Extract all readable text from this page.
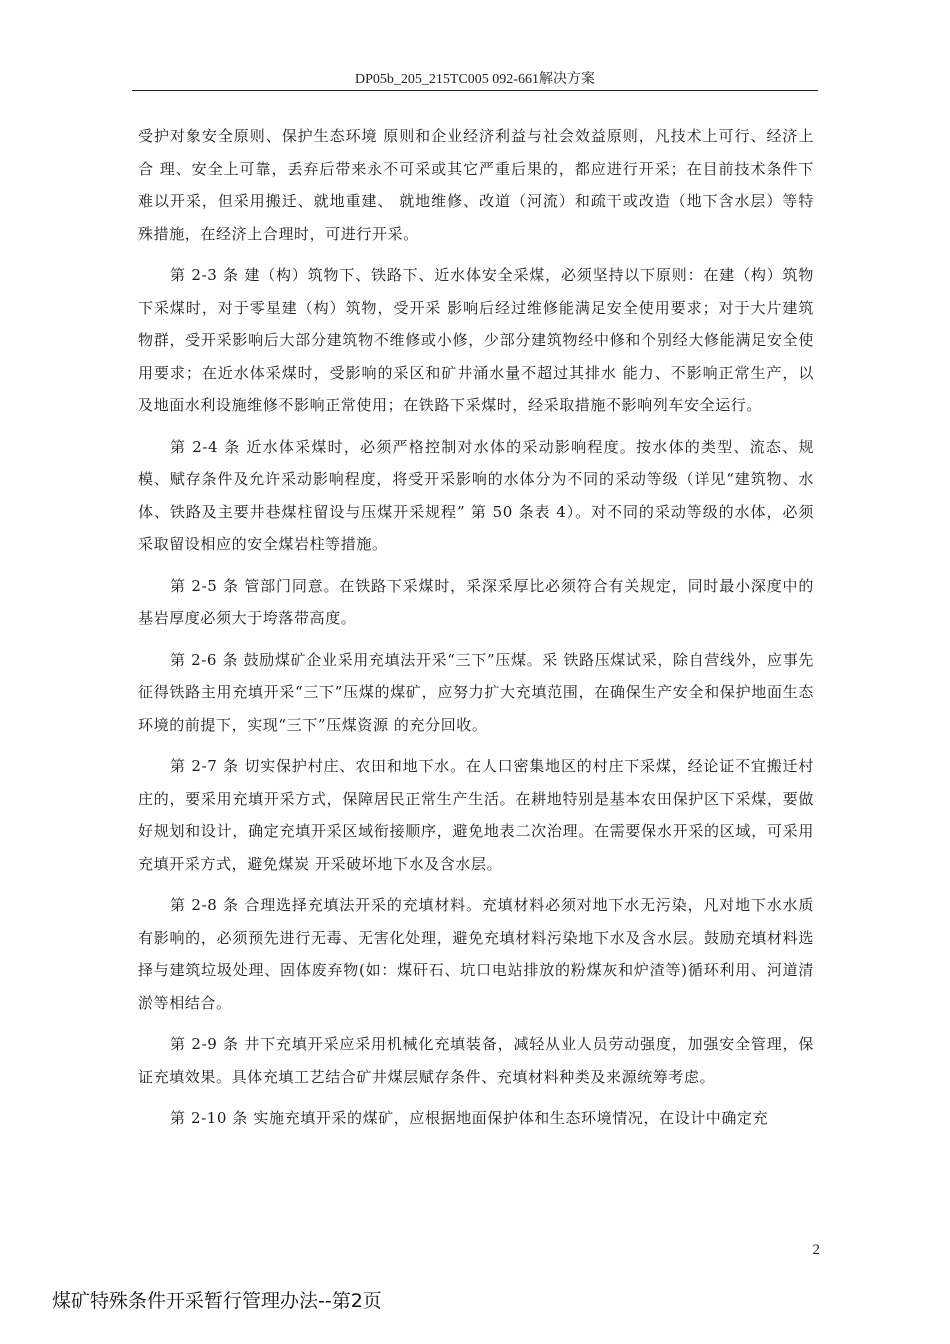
DP05b_205_215TC005 092-661解决方案

受护对象安全原则、保护生态环境 原则和企业经济利益与社会效益原则，凡技术上可行、经济上合 理、安全上可靠，丢弃后带来永不可采或其它严重后果的，都应进行开采；在目前技术条件下难以开采，但采用搬迁、就地重建、 就地维修、改道（河流）和疏干或改造（地下含水层）等特殊措施，在经济上合理时，可进行开采。

第 2-3 条 建（构）筑物下、铁路下、近水体安全采煤，必须坚持以下原则：在建（构）筑物下采煤时，对于零星建（构）筑物，受开采 影响后经过维修能满足安全使用要求；对于大片建筑物群，受开采影响后大部分建筑物不维修或小修，少部分建筑物经中修和个别经大修能满足安全使用要求；在近水体采煤时，受影响的采区和矿井涌水量不超过其排水 能力、不影响正常生产，以及地面水利设施维修不影响正常使用；在铁路下采煤时，经采取措施不影响列车安全运行。

第 2-4 条 近水体采煤时，必须严格控制对水体的采动影响程度。按水体的类型、流态、规模、赋存条件及允许采动影响程度，将受开采影响的水体分为不同的采动等级（详见“建筑物、水体、铁路及主要井巷煤柱留设与压煤开采规程” 第 50 条表 4）。对不同的采动等级的水体，必须采取留设相应的安全煤岩柱等措施。

第 2-5 条 管部门同意。在铁路下采煤时，采深采厚比必须符合有关规定，同时最小深度中的基岩厚度必须大于垮落带高度。

第 2-6 条 鼓励煤矿企业采用充填法开采“三下”压煤。采 铁路压煤试采，除自营线外，应事先征得铁路主用充填开采“三下”压煤的煤矿，应努力扩大充填范围，在确保生产安全和保护地面生态环境的前提下，实现“三下”压煤资源 的充分回收。

第 2-7 条 切实保护村庄、农田和地下水。在人口密集地区的村庄下采煤，经论证不宜搬迁村庄的，要采用充填开采方式，保障居民正常生产生活。在耕地特别是基本农田保护区下采煤，要做好规划和设计，确定充填开采区域衔接顺序，避免地表二次治理。在需要保水开采的区域，可采用充填开采方式，避免煤炭 开采破坏地下水及含水层。

第 2-8 条 合理选择充填法开采的充填材料。充填材料必须对地下水无污染，凡对地下水水质有影响的，必须预先进行无毒、无害化处理，避免充填材料污染地下水及含水层。鼓励充填材料选择与建筑垃圾处理、固体废弃物(如：煤矸石、坑口电站排放的粉煤灰和炉渣等)循环利用、河道清淤等相结合。

第 2-9 条 井下充填开采应采用机械化充填装备，减轻从业人员劳动强度，加强安全管理，保证充填效果。具体充填工艺结合矿井煤层赋存条件、充填材料种类及来源统筹考虑。

第 2-10 条 实施充填开采的煤矿，应根据地面保护体和生态环境情况，在设计中确定充

2
煤矿特殊条件开采暂行管理办法--第2页
